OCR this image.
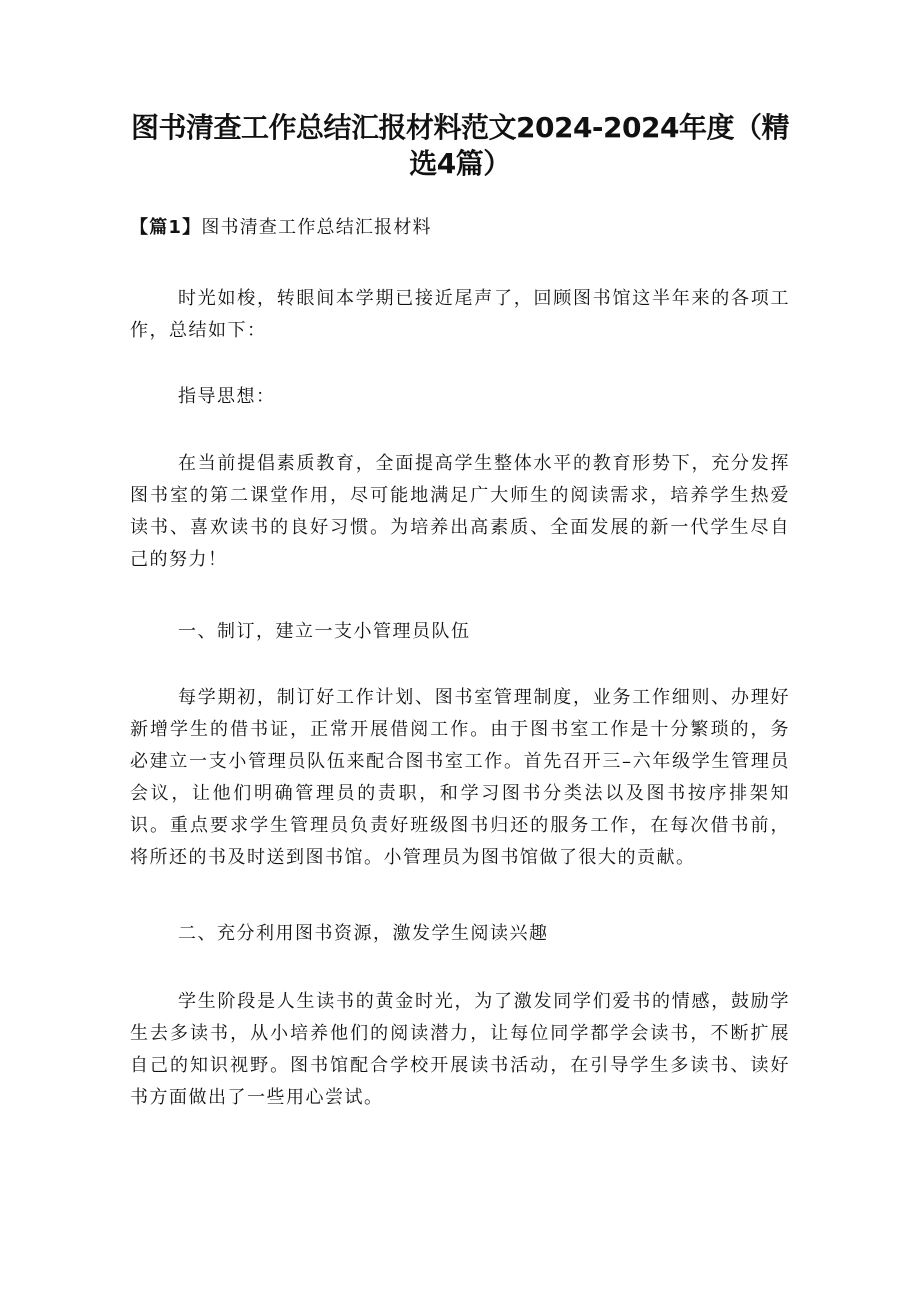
图书清查工作总结汇报材料范文2024-2024年度（精选4篇）

【篇1】图书清查工作总结汇报材料

时光如梭，转眼间本学期已接近尾声了，回顾图书馆这半年来的各项工作，总结如下：

指导思想：

在当前提倡素质教育，全面提高学生整体水平的教育形势下，充分发挥图书室的第二课堂作用，尽可能地满足广大师生的阅读需求，培养学生热爱读书、喜欢读书的良好习惯。为培养出高素质、全面发展的新一代学生尽自己的努力！

一、制订，建立一支小管理员队伍

每学期初，制订好工作计划、图书室管理制度，业务工作细则、办理好新增学生的借书证，正常开展借阅工作。由于图书室工作是十分繁琐的，务必建立一支小管理员队伍来配合图书室工作。首先召开三–六年级学生管理员会议，让他们明确管理员的责职，和学习图书分类法以及图书按序排架知识。重点要求学生管理员负责好班级图书归还的服务工作，在每次借书前，将所还的书及时送到图书馆。小管理员为图书馆做了很大的贡献。

二、充分利用图书资源，激发学生阅读兴趣

学生阶段是人生读书的黄金时光，为了激发同学们爱书的情感，鼓励学生去多读书，从小培养他们的阅读潜力，让每位同学都学会读书，不断扩展自己的知识视野。图书馆配合学校开展读书活动，在引导学生多读书、读好书方面做出了一些用心尝试。
